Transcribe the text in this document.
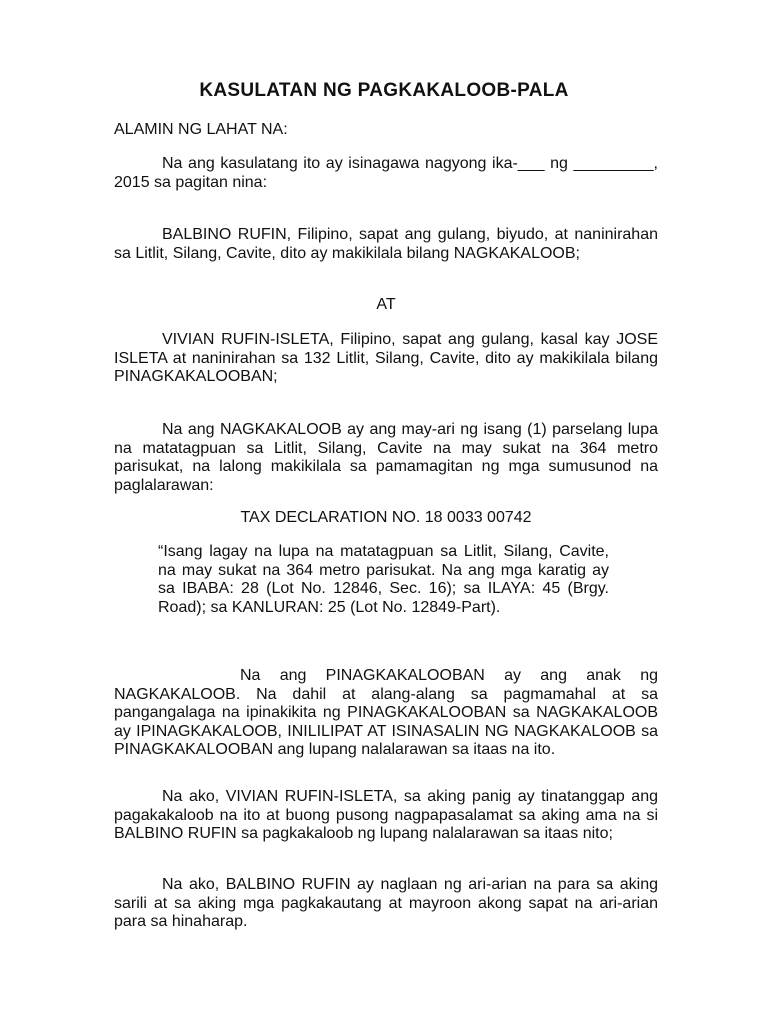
KASULATAN NG PAGKAKALOOB-PALA

ALAMIN NG LAHAT NA:

Na ang kasulatang ito ay isinagawa nagyong ika-___ ng _________, 2015 sa pagitan nina:

BALBINO RUFIN, Filipino, sapat ang gulang, biyudo, at naninirahan sa Litlit, Silang, Cavite, dito ay makikilala bilang NAGKAKALOOB;

AT

VIVIAN RUFIN-ISLETA, Filipino, sapat ang gulang, kasal kay JOSE ISLETA at naninirahan sa 132 Litlit, Silang, Cavite, dito ay makikilala bilang PINAGKAKALOOBAN;

Na ang NAGKAKALOOB ay ang may-ari ng isang (1) parselang lupa na matatagpuan sa Litlit, Silang, Cavite na may sukat na 364 metro parisukat, na lalong makikilala sa pamamagitan ng mga sumusunod na paglalarawan:

TAX DECLARATION NO. 18 0033 00742

“Isang lagay na lupa na matatagpuan sa Litlit, Silang, Cavite, na may sukat na 364 metro parisukat. Na ang mga karatig ay sa IBABA: 28 (Lot No. 12846, Sec. 16); sa ILAYA: 45 (Brgy. Road); sa KANLURAN: 25 (Lot No. 12849-Part).

Na ang PINAGKAKALOOBAN ay ang anak ng NAGKAKALOOB. Na dahil at alang-alang sa pagmamahal at sa pangangalaga na ipinakikita ng PINAGKAKALOOBAN sa NAGKAKALOOB ay IPINAGKAKALOOB, INILILIPAT AT ISINASALIN NG NAGKAKALOOB sa PINAGKAKALOOBAN ang lupang nalalarawan sa itaas na ito.

Na ako, VIVIAN RUFIN-ISLETA, sa aking panig ay tinatanggap ang pagakakaloob na ito at buong pusong nagpapasalamat sa aking ama na si BALBINO RUFIN sa pagkakaloob ng lupang nalalarawan sa itaas nito;

Na ako, BALBINO RUFIN ay naglaan ng ari-arian na para sa aking sarili at sa aking mga pagkakautang at mayroon akong sapat na ari-arian para sa hinaharap.
